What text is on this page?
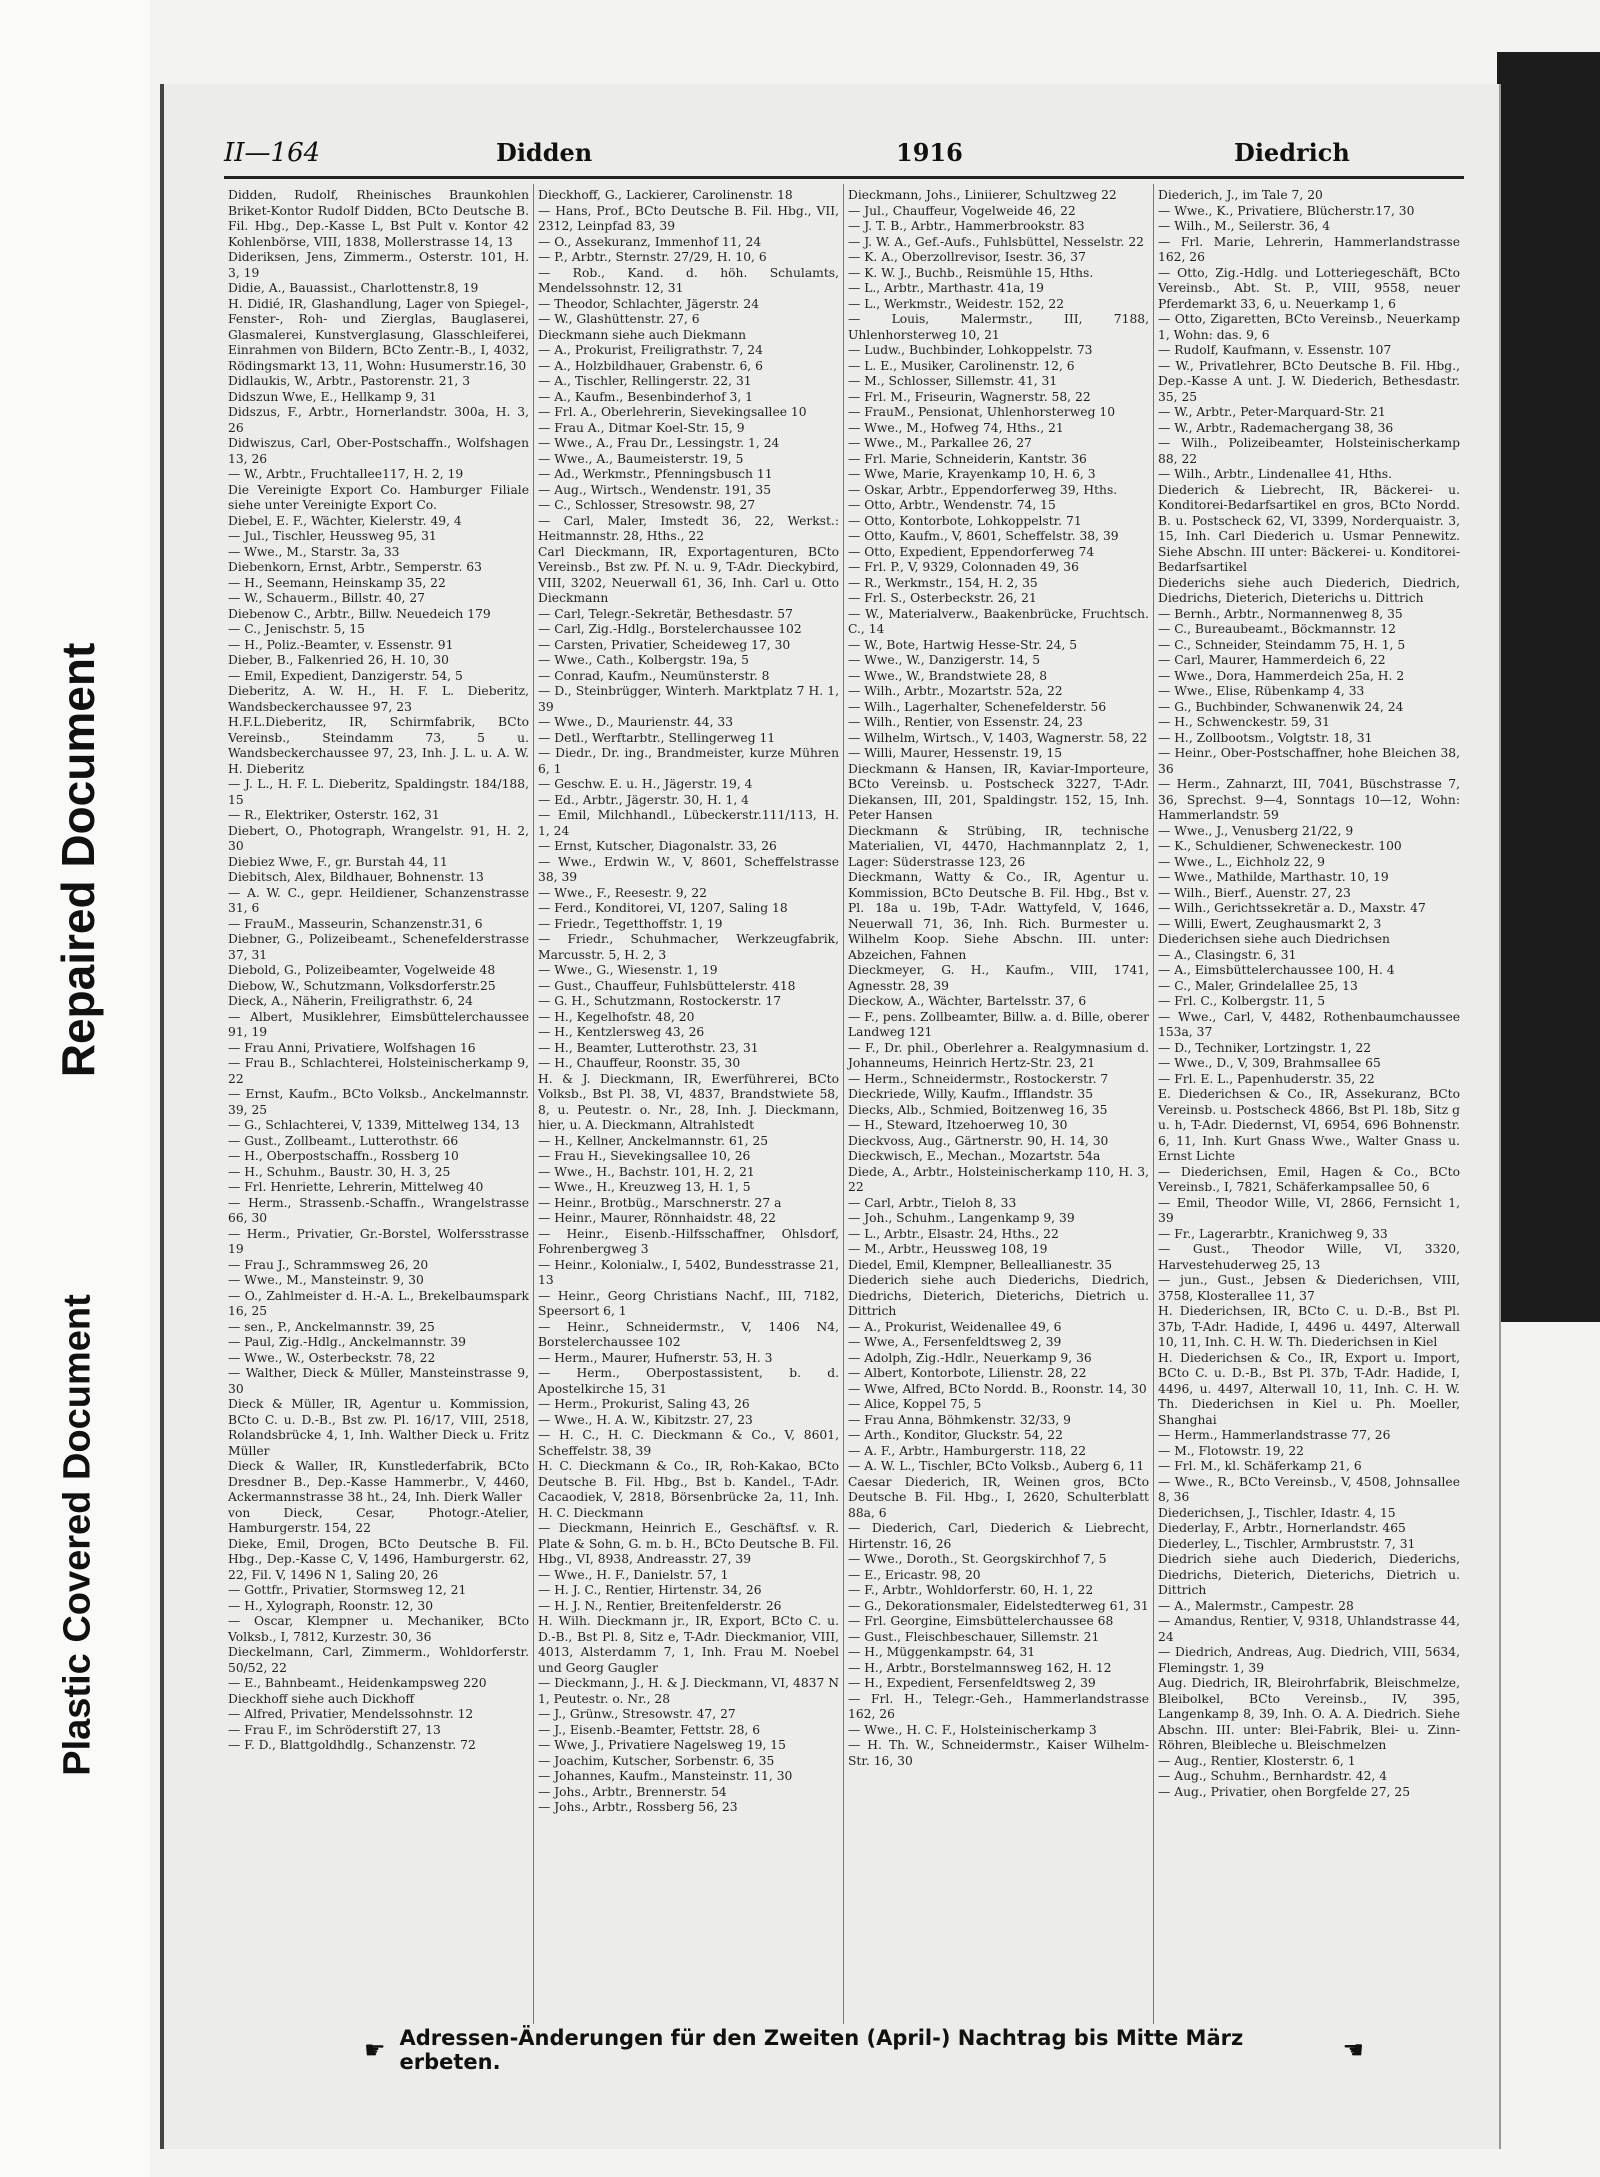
Repaired Document
Plastic Covered Document
II—164	Didden	1916	Diedrich
Didden, Rudolf, Rheinisches Braunkohlen Briket-Kontor Rudolf Didden, BCto Deutsche B. Fil. Hbg., Dep.-Kasse L, Bst Pult v. Kontor 42 Kohlenbörse, VIII, 1838, Mollerstrasse 14, 13
Dideriksen, Jens, Zimmerm., Osterstr. 101, H. 3, 19
Didie, A., Bauassist., Charlottenstr.8, 19
H. Didié, IR, Glashandlung, Lager von Spiegel-, Fenster-, Roh- und Zierglas, Bauglaserei, Glasmalerei, Kunstverglasung, Glasschleiferei, Einrahmen von Bildern, BCto Zentr.-B., I, 4032, Rödingsmarkt 13, 11, Wohn: Husumerstr.16, 30
Didlaukis, W., Arbtr., Pastorenstr. 21, 3
Didszun Wwe, E., Hellkamp 9, 31
Didszus, F., Arbtr., Hornerlandstr. 300a, H. 3, 26
Didwiszus, Carl, Ober-Postschaffn., Wolfshagen 13, 26
— W., Arbtr., Fruchtallee117, H. 2, 19
Die Vereinigte Export Co. Hamburger Filiale siehe unter Vereinigte Export Co.
Diebel, E. F., Wächter, Kielerstr. 49, 4
— Jul., Tischler, Heussweg 95, 31
— Wwe., M., Starstr. 3a, 33
Diebenkorn, Ernst, Arbtr., Semperstr. 63
— H., Seemann, Heinskamp 35, 22
— W., Schauerm., Billstr. 40, 27
Diebenow C., Arbtr., Billw. Neuedeich 179
— C., Jenischstr. 5, 15
— H., Poliz.-Beamter, v. Essenstr. 91
Dieber, B., Falkenried 26, H. 10, 30
— Emil, Expedient, Danzigerstr. 54, 5
Dieberitz, A. W. H., H. F. L. Dieberitz, Wandsbeckerchaussee 97, 23
H.F.L.Dieberitz, IR, Schirmfabrik, BCto Vereinsb., Steindamm 73, 5 u. Wandsbeckerchaussee 97, 23, Inh. J. L. u. A. W. H. Dieberitz
— J. L., H. F. L. Dieberitz, Spaldingstr. 184/188, 15
— R., Elektriker, Osterstr. 162, 31
Diebert, O., Photograph, Wrangelstr. 91, H. 2, 30
Diebiez Wwe, F., gr. Burstah 44, 11
Diebitsch, Alex, Bildhauer, Bohnenstr. 13
— A. W. C., gepr. Heildiener, Schanzenstrasse 31, 6
— FrauM., Masseurin, Schanzenstr.31, 6
Diebner, G., Polizeibeamt., Schenefelderstrasse 37, 31
Diebold, G., Polizeibeamter, Vogelweide 48
Diebow, W., Schutzmann, Volksdorferstr.25
Dieck, A., Näherin, Freiligrathstr. 6, 24
— Albert, Musiklehrer, Eimsbüttelerchaussee 91, 19
— Frau Anni, Privatiere, Wolfshagen 16
— Frau B., Schlachterei, Holsteinischerkamp 9, 22
— Ernst, Kaufm., BCto Volksb., Anckelmannstr. 39, 25
— G., Schlachterei, V, 1339, Mittelweg 134, 13
— Gust., Zollbeamt., Lutterothstr. 66
— H., Oberpostschaffn., Rossberg 10
— H., Schuhm., Baustr. 30, H. 3, 25
— Frl. Henriette, Lehrerin, Mittelweg 40
— Herm., Strassenb.-Schaffn., Wrangelstrasse 66, 30
— Herm., Privatier, Gr.-Borstel, Wolfersstrasse 19
— Frau J., Schrammsweg 26, 20
— Wwe., M., Mansteinstr. 9, 30
— O., Zahlmeister d. H.-A. L., Brekelbaumspark 16, 25
— sen., P., Anckelmannstr. 39, 25
— Paul, Zig.-Hdlg., Anckelmannstr. 39
— Wwe., W., Osterbeckstr. 78, 22
— Walther, Dieck & Müller, Mansteinstrasse 9, 30
Dieck & Müller, IR, Agentur u. Kommission, BCto C. u. D.-B., Bst zw. Pl. 16/17, VIII, 2518, Rolandsbrücke 4, 1, Inh. Walther Dieck u. Fritz Müller
Dieck & Waller, IR, Kunstlederfabrik, BCto Dresdner B., Dep.-Kasse Hammerbr., V, 4460, Ackermannstrasse 38 ht., 24, Inh. Dierk Waller
von Dieck, Cesar, Photogr.-Atelier, Hamburgerstr. 154, 22
Dieke, Emil, Drogen, BCto Deutsche B. Fil. Hbg., Dep.-Kasse C, V, 1496, Hamburgerstr. 62, 22, Fil. V, 1496 N 1, Saling 20, 26
— Gottfr., Privatier, Stormsweg 12, 21
— H., Xylograph, Roonstr. 12, 30
— Oscar, Klempner u. Mechaniker, BCto Volksb., I, 7812, Kurzestr. 30, 36
Dieckelmann, Carl, Zimmerm., Wohldorferstr. 50/52, 22
— E., Bahnbeamt., Heidenkampsweg 220
Dieckhoff siehe auch Dickhoff
— Alfred, Privatier, Mendelssohnstr. 12
— Frau F., im Schröderstift 27, 13
— F. D., Blattgoldhdlg., Schanzenstr. 72
Dieckhoff, G., Lackierer, Carolinenstr. 18
— Hans, Prof., BCto Deutsche B. Fil. Hbg., VII, 2312, Leinpfad 83, 39
— O., Assekuranz, Immenhof 11, 24
— P., Arbtr., Sternstr. 27/29, H. 10, 6
— Rob., Kand. d. höh. Schulamts, Mendelssohnstr. 12, 31
— Theodor, Schlachter, Jägerstr. 24
— W., Glashüttenstr. 27, 6
Dieckmann siehe auch Diekmann
— A., Prokurist, Freiligrathstr. 7, 24
— A., Holzbildhauer, Grabenstr. 6, 6
— A., Tischler, Rellingerstr. 22, 31
— A., Kaufm., Besenbinderhof 3, 1
— Frl. A., Oberlehrerin, Sievekingsallee 10
— Frau A., Ditmar Koel-Str. 15, 9
— Wwe., A., Frau Dr., Lessingstr. 1, 24
— Wwe., A., Baumeisterstr. 19, 5
— Ad., Werkmstr., Pfenningsbusch 11
— Aug., Wirtsch., Wendenstr. 191, 35
— C., Schlosser, Stresowstr. 98, 27
— Carl, Maler, Imstedt 36, 22, Werkst.: Heitmannstr. 28, Hths., 22
Carl Dieckmann, IR, Exportagenturen, BCto Vereinsb., Bst zw. Pf. N. u. 9, T-Adr. Dieckybird, VIII, 3202, Neuerwall 61, 36, Inh. Carl u. Otto Dieckmann
— Carl, Telegr.-Sekretär, Bethesdastr. 57
— Carl, Zig.-Hdlg., Borstelerchaussee 102
— Carsten, Privatier, Scheideweg 17, 30
— Wwe., Cath., Kolbergstr. 19a, 5
— Conrad, Kaufm., Neumünsterstr. 8
— D., Steinbrügger, Winterh. Marktplatz 7 H. 1, 39
— Wwe., D., Maurienstr. 44, 33
— Detl., Werftarbtr., Stellingerweg 11
— Diedr., Dr. ing., Brandmeister, kurze Mühren 6, 1
— Geschw. E. u. H., Jägerstr. 19, 4
— Ed., Arbtr., Jägerstr. 30, H. 1, 4
— Emil, Milchhandl., Lübeckerstr.111/113, H. 1, 24
— Ernst, Kutscher, Diagonalstr. 33, 26
— Wwe., Erdwin W., V, 8601, Scheffelstrasse 38, 39
— Wwe., F., Reesestr. 9, 22
— Ferd., Konditorei, VI, 1207, Saling 18
— Friedr., Tegetthoffstr. 1, 19
— Friedr., Schuhmacher, Werkzeugfabrik, Marcusstr. 5, H. 2, 3
— Wwe., G., Wiesenstr. 1, 19
— Gust., Chauffeur, Fuhlsbüttelerstr. 418
— G. H., Schutzmann, Rostockerstr. 17
— H., Kegelhofstr. 48, 20
— H., Kentzlersweg 43, 26
— H., Beamter, Lutterothstr. 23, 31
— H., Chauffeur, Roonstr. 35, 30
H. & J. Dieckmann, IR, Ewerführerei, BCto Volksb., Bst Pl. 38, VI, 4837, Brandstwiete 58, 8, u. Peutestr. o. Nr., 28, Inh. J. Dieckmann, hier, u. A. Dieckmann, Altrahlstedt
— H., Kellner, Anckelmannstr. 61, 25
— Frau H., Sievekingsallee 10, 26
— Wwe., H., Bachstr. 101, H. 2, 21
— Wwe., H., Kreuzweg 13, H. 1, 5
— Heinr., Brotbüg., Marschnerstr. 27 a
— Heinr., Maurer, Rönnhaidstr. 48, 22
— Heinr., Eisenb.-Hilfsschaffner, Ohlsdorf, Fohrenbergweg 3
— Heinr., Kolonialw., I, 5402, Bundesstrasse 21, 13
— Heinr., Georg Christians Nachf., III, 7182, Speersort 6, 1
— Heinr., Schneidermstr., V, 1406 N4, Borstelerchaussee 102
— Herm., Maurer, Hufnerstr. 53, H. 3
— Herm., Oberpostassistent, b. d. Apostelkirche 15, 31
— Herm., Prokurist, Saling 43, 26
— Wwe., H. A. W., Kibitzstr. 27, 23
— H. C., H. C. Dieckmann & Co., V, 8601, Scheffelstr. 38, 39
H. C. Dieckmann & Co., IR, Roh-Kakao, BCto Deutsche B. Fil. Hbg., Bst b. Kandel., T-Adr. Cacaodiek, V, 2818, Börsenbrücke 2a, 11, Inh. H. C. Dieckmann
— Dieckmann, Heinrich E., Geschäftsf. v. R. Plate & Sohn, G. m. b. H., BCto Deutsche B. Fil. Hbg., VI, 8938, Andreasstr. 27, 39
— Wwe., H. F., Danielstr. 57, 1
— H. J. C., Rentier, Hirtenstr. 34, 26
— H. J. N., Rentier, Breitenfelderstr. 26
H. Wilh. Dieckmann jr., IR, Export, BCto C. u. D.-B., Bst Pl. 8, Sitz e, T-Adr. Dieckmanior, VIII, 4013, Alsterdamm 7, 1, Inh. Frau M. Noebel und Georg Gaugler
— Dieckmann, J., H. & J. Dieckmann, VI, 4837 N 1, Peutestr. o. Nr., 28
— J., Grünw., Stresowstr. 47, 27
— J., Eisenb.-Beamter, Fettstr. 28, 6
— Wwe, J., Privatiere Nagelsweg 19, 15
— Joachim, Kutscher, Sorbenstr. 6, 35
— Johannes, Kaufm., Mansteinstr. 11, 30
— Johs., Arbtr., Brennerstr. 54
— Johs., Arbtr., Rossberg 56, 23
Dieckmann, Johs., Liniierer, Schultzweg 22
— Jul., Chauffeur, Vogelweide 46, 22
— J. T. B., Arbtr., Hammerbrookstr. 83
— J. W. A., Gef.-Aufs., Fuhlsbüttel, Nesselstr. 22
— K. A., Oberzollrevisor, Isestr. 36, 37
— K. W. J., Buchb., Reismühle 15, Hths.
— L., Arbtr., Marthastr. 41a, 19
— L., Werkmstr., Weidestr. 152, 22
— Louis, Malermstr., III, 7188, Uhlenhorsterweg 10, 21
— Ludw., Buchbinder, Lohkoppelstr. 73
— L. E., Musiker, Carolinenstr. 12, 6
— M., Schlosser, Sillemstr. 41, 31
— Frl. M., Friseurin, Wagnerstr. 58, 22
— FrauM., Pensionat, Uhlenhorsterweg 10
— Wwe., M., Hofweg 74, Hths., 21
— Wwe., M., Parkallee 26, 27
— Frl. Marie, Schneiderin, Kantstr. 36
— Wwe, Marie, Krayenkamp 10, H. 6, 3
— Oskar, Arbtr., Eppendorferweg 39, Hths.
— Otto, Arbtr., Wendenstr. 74, 15
— Otto, Kontorbote, Lohkoppelstr. 71
— Otto, Kaufm., V, 8601, Scheffelstr. 38, 39
— Otto, Expedient, Eppendorferweg 74
— Frl. P., V, 9329, Colonnaden 49, 36
— R., Werkmstr., 154, H. 2, 35
— Frl. S., Osterbeckstr. 26, 21
— W., Materialverw., Baakenbrücke, Fruchtsch. C., 14
— W., Bote, Hartwig Hesse-Str. 24, 5
— Wwe., W., Danzigerstr. 14, 5
— Wwe., W., Brandstwiete 28, 8
— Wilh., Arbtr., Mozartstr. 52a, 22
— Wilh., Lagerhalter, Schenefelderstr. 56
— Wilh., Rentier, von Essenstr. 24, 23
— Wilhelm, Wirtsch., V, 1403, Wagnerstr. 58, 22
— Willi, Maurer, Hessenstr. 19, 15
Dieckmann & Hansen, IR, Kaviar-Importeure, BCto Vereinsb. u. Postscheck 3227, T-Adr. Diekansen, III, 201, Spaldingstr. 152, 15, Inh. Peter Hansen
Dieckmann & Strübing, IR, technische Materialien, VI, 4470, Hachmannplatz 2, 1, Lager: Süderstrasse 123, 26
Dieckmann, Watty & Co., IR, Agentur u. Kommission, BCto Deutsche B. Fil. Hbg., Bst v. Pl. 18a u. 19b, T-Adr. Wattyfeld, V, 1646, Neuerwall 71, 36, Inh. Rich. Burmester u. Wilhelm Koop. Siehe Abschn. III. unter: Abzeichen, Fahnen
Dieckmeyer, G. H., Kaufm., VIII, 1741, Agnesstr. 28, 39
Dieckow, A., Wächter, Bartelsstr. 37, 6
— F., pens. Zollbeamter, Billw. a. d. Bille, oberer Landweg 121
— F., Dr. phil., Oberlehrer a. Realgymnasium d. Johanneums, Heinrich Hertz-Str. 23, 21
— Herm., Schneidermstr., Rostockerstr. 7
Dieckriede, Willy, Kaufm., Ifflandstr. 35
Diecks, Alb., Schmied, Boitzenweg 16, 35
— H., Steward, Itzehoerweg 10, 30
Dieckvoss, Aug., Gärtnerstr. 90, H. 14, 30
Dieckwisch, E., Mechan., Mozartstr. 54a
Diede, A., Arbtr., Holsteinischerkamp 110, H. 3, 22
— Carl, Arbtr., Tieloh 8, 33
— Joh., Schuhm., Langenkamp 9, 39
— L., Arbtr., Elsastr. 24, Hths., 22
— M., Arbtr., Heussweg 108, 19
Diedel, Emil, Klempner, Belleallianestr. 35
Diederich siehe auch Diederichs, Diedrich, Diedrichs, Dieterich, Dieterichs, Dietrich u. Dittrich
— A., Prokurist, Weidenallee 49, 6
— Wwe, A., Fersenfeldtsweg 2, 39
— Adolph, Zig.-Hdlr., Neuerkamp 9, 36
— Albert, Kontorbote, Lilienstr. 28, 22
— Wwe, Alfred, BCto Nordd. B., Roonstr. 14, 30
— Alice, Koppel 75, 5
— Frau Anna, Böhmkenstr. 32/33, 9
— Arth., Konditor, Gluckstr. 54, 22
— A. F., Arbtr., Hamburgerstr. 118, 22
— A. W. L., Tischler, BCto Volksb., Auberg 6, 11
Caesar Diederich, IR, Weinen gros, BCto Deutsche B. Fil. Hbg., I, 2620, Schulterblatt 88a, 6
— Diederich, Carl, Diederich & Liebrecht, Hirtenstr. 16, 26
— Wwe., Doroth., St. Georgskirchhof 7, 5
— E., Ericastr. 98, 20
— F., Arbtr., Wohldorferstr. 60, H. 1, 22
— G., Dekorationsmaler, Eidelstedterweg 61, 31
— Frl. Georgine, Eimsbüttelerchaussee 68
— Gust., Fleischbeschauer, Sillemstr. 21
— H., Müggenkampstr. 64, 31
— H., Arbtr., Borstelmannsweg 162, H. 12
— H., Expedient, Fersenfeldtsweg 2, 39
— Frl. H., Telegr.-Geh., Hammerlandstrasse 162, 26
— Wwe., H. C. F., Holsteinischerkamp 3
— H. Th. W., Schneidermstr., Kaiser Wilhelm-Str. 16, 30
Diederich, J., im Tale 7, 20
— Wwe., K., Privatiere, Blücherstr.17, 30
— Wilh., M., Seilerstr. 36, 4
— Frl. Marie, Lehrerin, Hammerlandstrasse 162, 26
— Otto, Zig.-Hdlg. und Lotteriegeschäft, BCto Vereinsb., Abt. St. P., VIII, 9558, neuer Pferdemarkt 33, 6, u. Neuerkamp 1, 6
— Otto, Zigaretten, BCto Vereinsb., Neuerkamp 1, Wohn: das. 9, 6
— Rudolf, Kaufmann, v. Essenstr. 107
— W., Privatlehrer, BCto Deutsche B. Fil. Hbg., Dep.-Kasse A unt. J. W. Diederich, Bethesdastr. 35, 25
— W., Arbtr., Peter-Marquard-Str. 21
— W., Arbtr., Rademachergang 38, 36
— Wilh., Polizeibeamter, Holsteinischerkamp 88, 22
— Wilh., Arbtr., Lindenallee 41, Hths.
Diederich & Liebrecht, IR, Bäckerei- u. Konditorei-Bedarfsartikel en gros, BCto Nordd. B. u. Postscheck 62, VI, 3399, Norderquaistr. 3, 15, Inh. Carl Diederich u. Usmar Pennewitz. Siehe Abschn. III unter: Bäckerei- u. Konditorei-Bedarfsartikel
Diederichs siehe auch Diederich, Diedrich, Diedrichs, Dieterich, Dieterichs u. Dittrich
— Bernh., Arbtr., Normannenweg 8, 35
— C., Bureaubeamt., Böckmannstr. 12
— C., Schneider, Steindamm 75, H. 1, 5
— Carl, Maurer, Hammerdeich 6, 22
— Wwe., Dora, Hammerdeich 25a, H. 2
— Wwe., Elise, Rübenkamp 4, 33
— G., Buchbinder, Schwanenwik 24, 24
— H., Schwenckestr. 59, 31
— H., Zollbootsm., Volgtstr. 18, 31
— Heinr., Ober-Postschaffner, hohe Bleichen 38, 36
— Herm., Zahnarzt, III, 7041, Büschstrasse 7, 36, Sprechst. 9—4, Sonntags 10—12, Wohn: Hammerlandstr. 59
— Wwe., J., Venusberg 21/22, 9
— K., Schuldiener, Schweneckestr. 100
— Wwe., L., Eichholz 22, 9
— Wwe., Mathilde, Marthastr. 10, 19
— Wilh., Bierf., Auenstr. 27, 23
— Wilh., Gerichtssekretär a. D., Maxstr. 47
— Willi, Ewert, Zeughausmarkt 2, 3
Diederichsen siehe auch Diedrichsen
— A., Clasingstr. 6, 31
— A., Eimsbüttelerchaussee 100, H. 4
— C., Maler, Grindelallee 25, 13
— Frl. C., Kolbergstr. 11, 5
— Wwe., Carl, V, 4482, Rothenbaumchaussee 153a, 37
— D., Techniker, Lortzingstr. 1, 22
— Wwe., D., V, 309, Brahmsallee 65
— Frl. E. L., Papenhuderstr. 35, 22
E. Diederichsen & Co., IR, Assekuranz, BCto Vereinsb. u. Postscheck 4866, Bst Pl. 18b, Sitz g u. h, T-Adr. Diedernst, VI, 6954, 696 Bohnenstr. 6, 11, Inh. Kurt Gnass Wwe., Walter Gnass u. Ernst Lichte
— Diederichsen, Emil, Hagen & Co., BCto Vereinsb., I, 7821, Schäferkampsallee 50, 6
— Emil, Theodor Wille, VI, 2866, Fernsicht 1, 39
— Fr., Lagerarbtr., Kranichweg 9, 33
— Gust., Theodor Wille, VI, 3320, Harvestehuderweg 25, 13
— jun., Gust., Jebsen & Diederichsen, VIII, 3758, Klosterallee 11, 37
H. Diederichsen, IR, BCto C. u. D.-B., Bst Pl. 37b, T-Adr. Hadide, I, 4496 u. 4497, Alterwall 10, 11, Inh. C. H. W. Th. Diederichsen in Kiel
H. Diederichsen & Co., IR, Export u. Import, BCto C. u. D.-B., Bst Pl. 37b, T-Adr. Hadide, I, 4496, u. 4497, Alterwall 10, 11, Inh. C. H. W. Th. Diederichsen in Kiel u. Ph. Moeller, Shanghai
— Herm., Hammerlandstrasse 77, 26
— M., Flotowstr. 19, 22
— Frl. M., kl. Schäferkamp 21, 6
— Wwe., R., BCto Vereinsb., V, 4508, Johnsallee 8, 36
Diederichsen, J., Tischler, Idastr. 4, 15
Diederlay, F., Arbtr., Hornerlandstr. 465
Diederley, L., Tischler, Armbruststr. 7, 31
Diedrich siehe auch Diederich, Diederichs, Diedrichs, Dieterich, Dieterichs, Dietrich u. Dittrich
— A., Malermstr., Campestr. 28
— Amandus, Rentier, V, 9318, Uhlandstrasse 44, 24
— Diedrich, Andreas, Aug. Diedrich, VIII, 5634, Flemingstr. 1, 39
Aug. Diedrich, IR, Bleirohrfabrik, Bleischmelze, Bleibolkel, BCto Vereinsb., IV, 395, Langenkamp 8, 39, Inh. O. A. A. Diedrich. Siehe Abschn. III. unter: Blei-Fabrik, Blei- u. Zinn-Röhren, Bleibleche u. Bleischmelzen
— Aug., Rentier, Klosterstr. 6, 1
— Aug., Schuhm., Bernhardstr. 42, 4
— Aug., Privatier, ohen Borgfelde 27, 25
☛ Adressen-Änderungen für den Zweiten (April-) Nachtrag bis Mitte März erbeten.	☚
